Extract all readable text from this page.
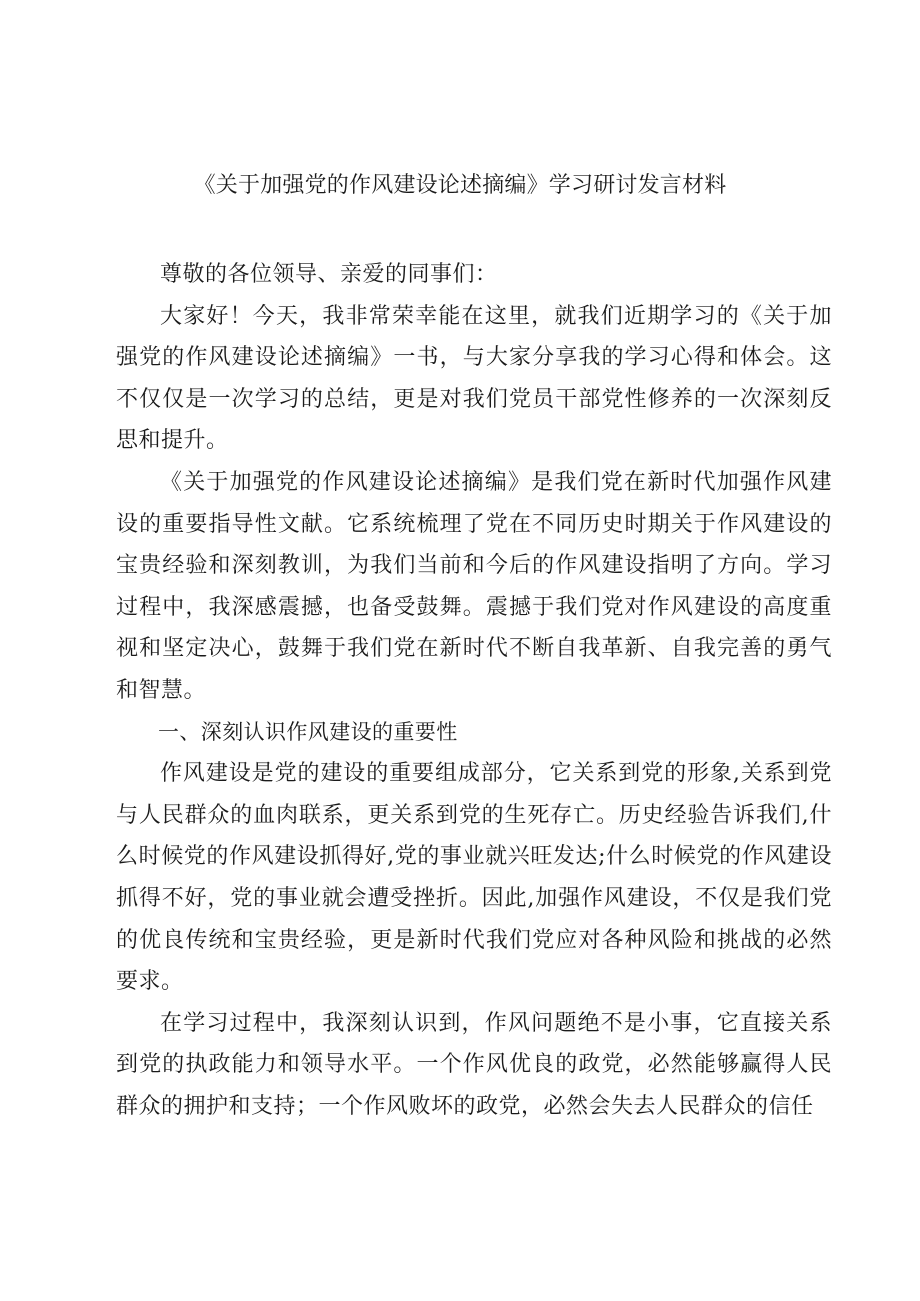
《关于加强党的作风建设论述摘编》学习研讨发言材料

尊敬的各位领导、亲爱的同事们：

大家好！今天，我非常荣幸能在这里，就我们近期学习的《关于加强党的作风建设论述摘编》一书，与大家分享我的学习心得和体会。这不仅仅是一次学习的总结，更是对我们党员干部党性修养的一次深刻反思和提升。

《关于加强党的作风建设论述摘编》是我们党在新时代加强作风建设的重要指导性文献。它系统梳理了党在不同历史时期关于作风建设的宝贵经验和深刻教训，为我们当前和今后的作风建设指明了方向。学习过程中，我深感震撼，也备受鼓舞。震撼于我们党对作风建设的高度重视和坚定决心，鼓舞于我们党在新时代不断自我革新、自我完善的勇气和智慧。

一、深刻认识作风建设的重要性

作风建设是党的建设的重要组成部分，它关系到党的形象,关系到党与人民群众的血肉联系，更关系到党的生死存亡。历史经验告诉我们,什么时候党的作风建设抓得好,党的事业就兴旺发达;什么时候党的作风建设抓得不好，党的事业就会遭受挫折。因此,加强作风建设，不仅是我们党的优良传统和宝贵经验，更是新时代我们党应对各种风险和挑战的必然要求。

在学习过程中，我深刻认识到，作风问题绝不是小事，它直接关系到党的执政能力和领导水平。一个作风优良的政党，必然能够赢得人民群众的拥护和支持；一个作风败坏的政党，必然会失去人民群众的信任
